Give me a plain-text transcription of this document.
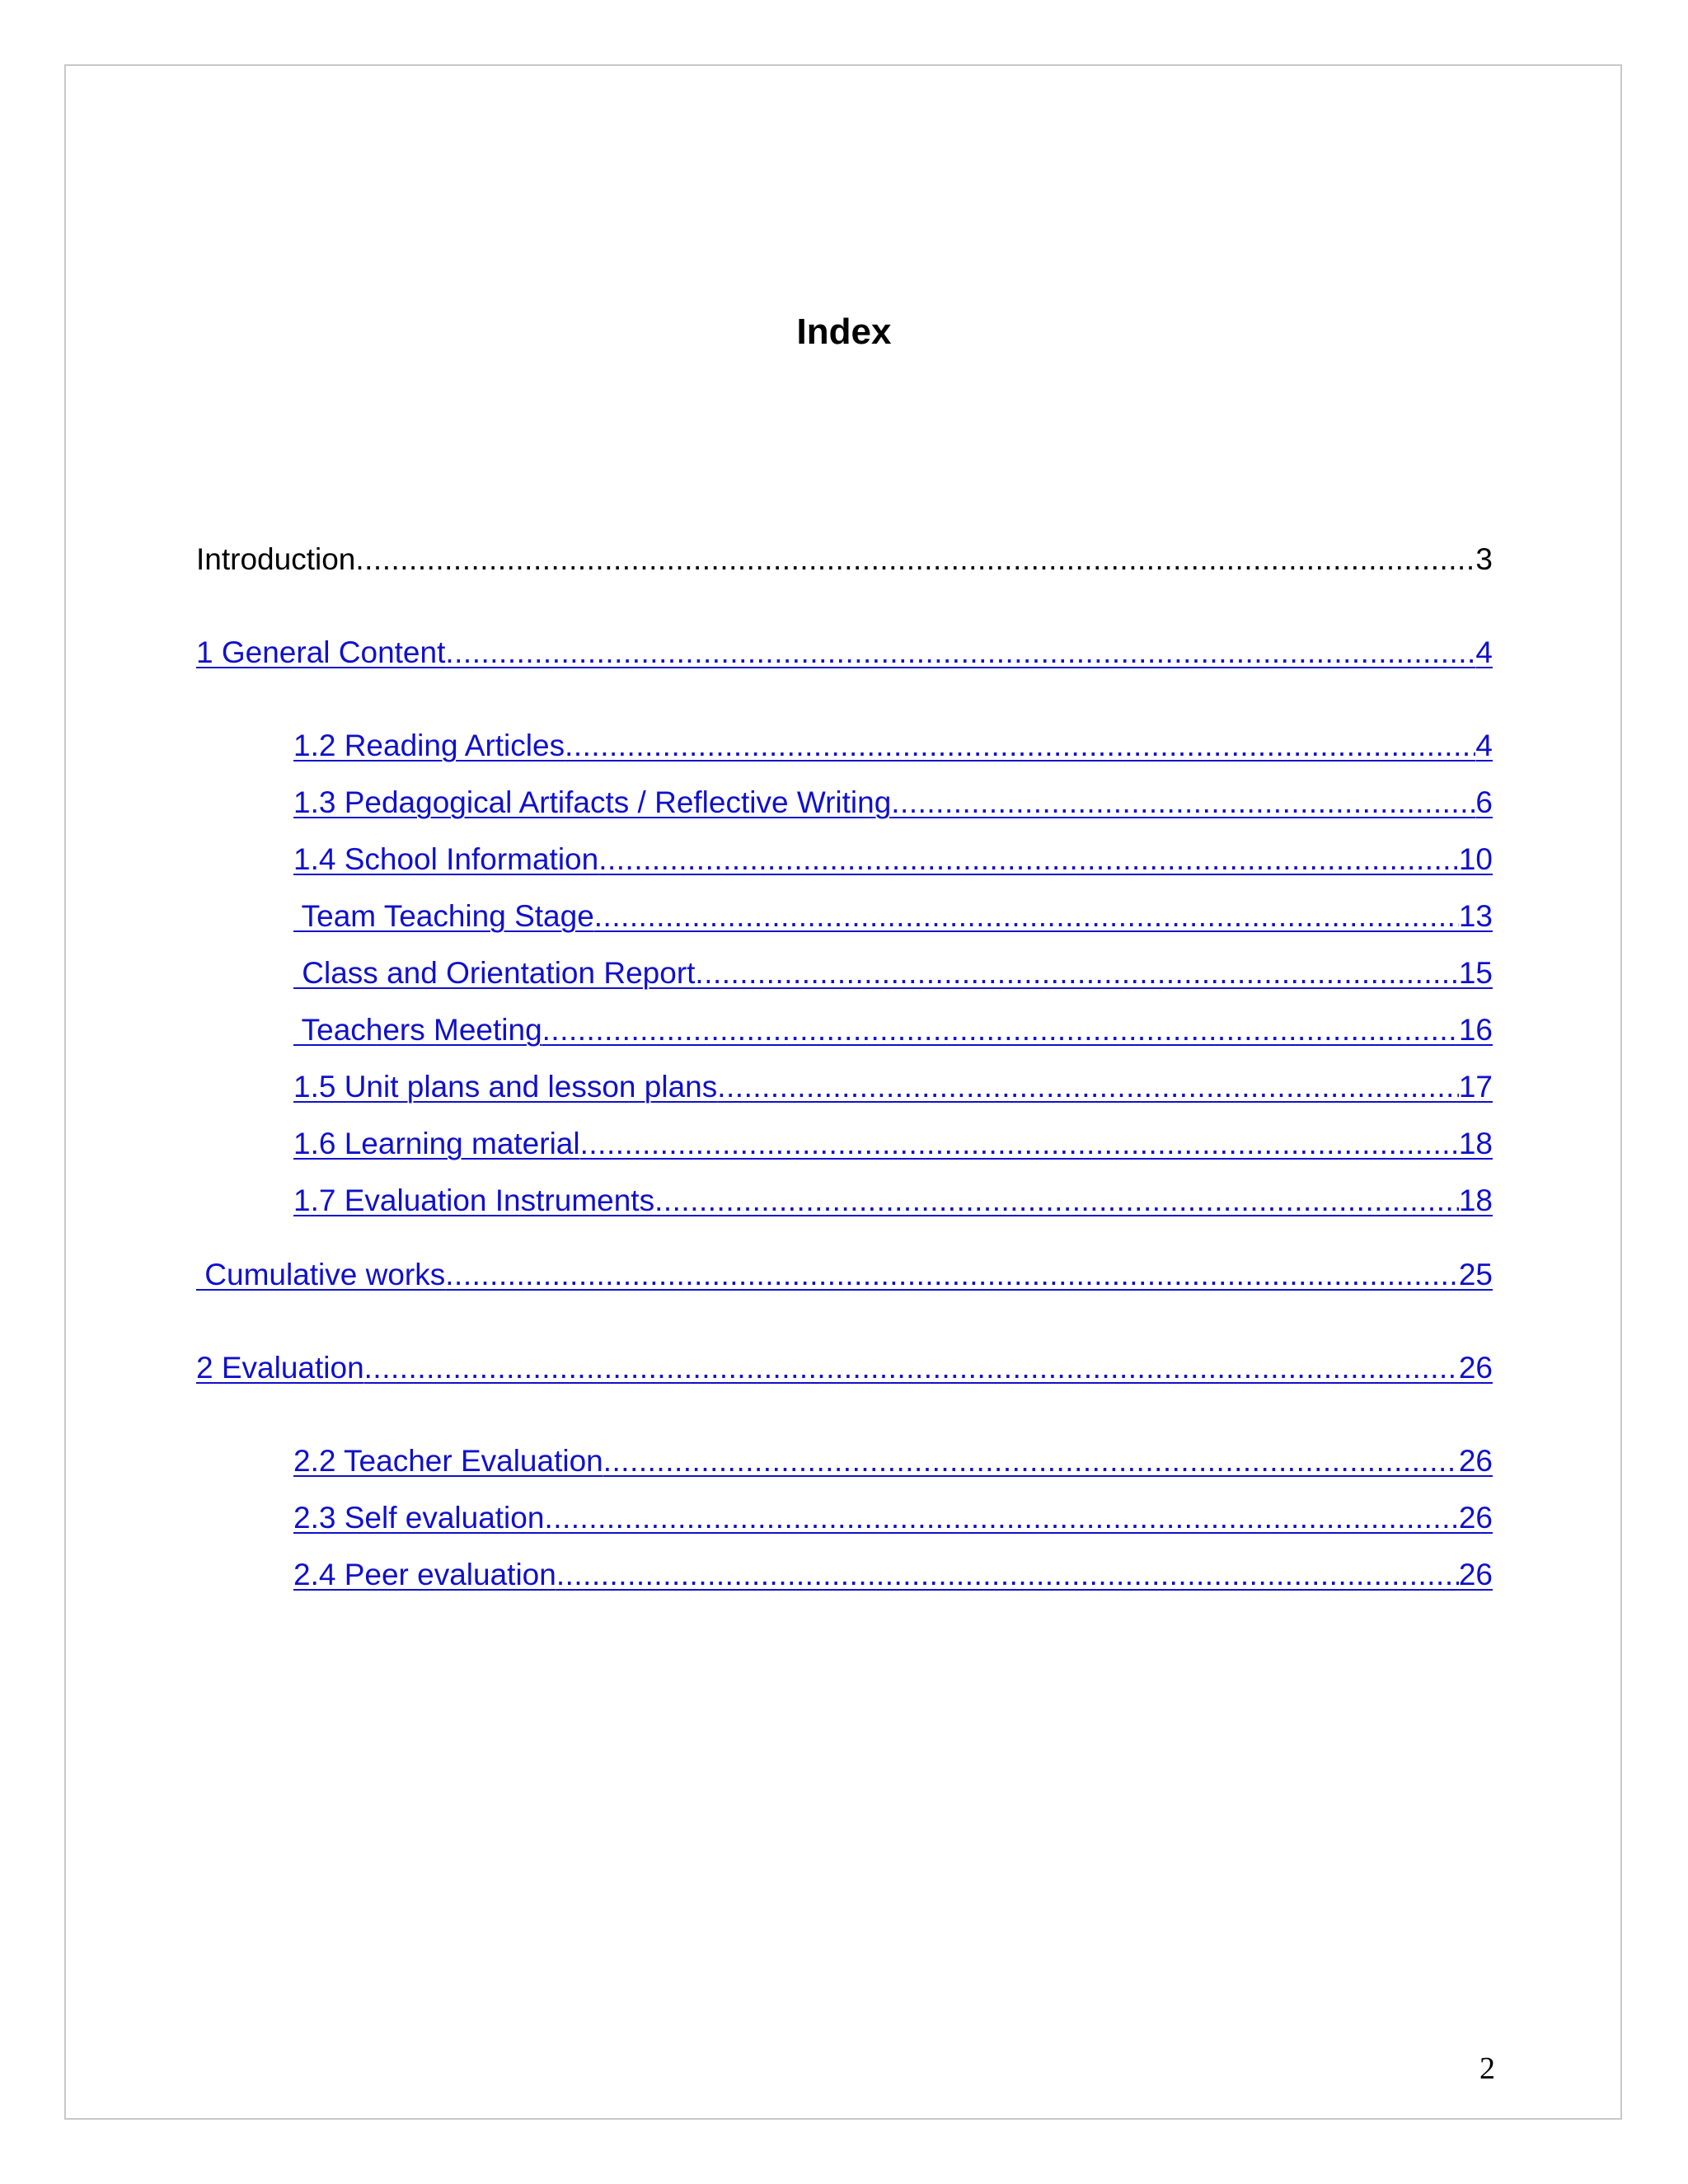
Index
Introduction .....	3
1 General Content .....	4
1.2 Reading Articles .....	4
1.3 Pedagogical Artifacts / Reflective Writing .....	6
1.4 School Information .....	10
Team Teaching Stage .....	13
Class and Orientation Report .....	15
Teachers Meeting .....	16
1.5 Unit plans and lesson plans .....	17
1.6 Learning material .....	18
1.7 Evaluation Instruments .....	18
Cumulative works .....	25
2 Evaluation .....	26
2.2 Teacher Evaluation .....	26
2.3 Self evaluation .....	26
2.4 Peer evaluation .....	26
2
